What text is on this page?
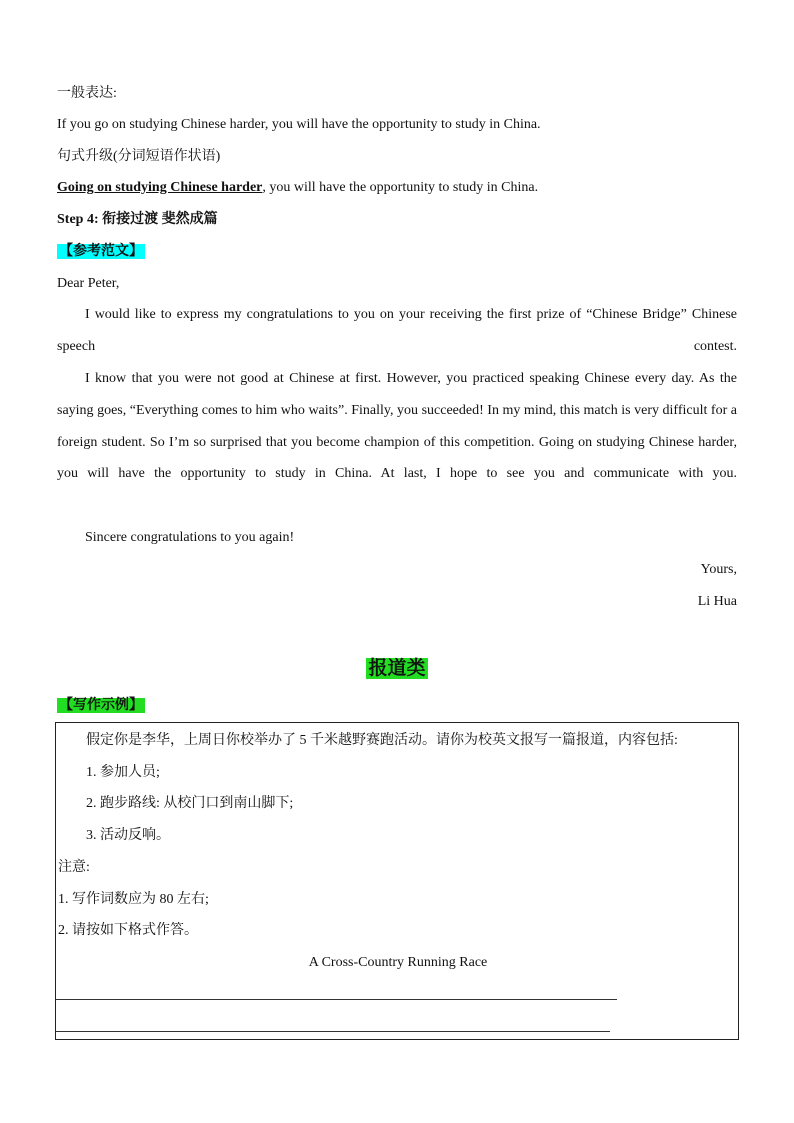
一般表达:
If you go on studying Chinese harder, you will have the opportunity to study in China.
句式升级(分词短语作状语)
Going on studying Chinese harder, you will have the opportunity to study in China.
Step 4: 衔接过渡 斐然成篇
【参考范文】
Dear Peter,
I would like to express my congratulations to you on your receiving the first prize of “Chinese Bridge” Chinese speech contest.
I know that you were not good at Chinese at first. However, you practiced speaking Chinese every day. As the saying goes, “Everything comes to him who waits”. Finally, you succeeded! In my mind, this match is very difficult for a foreign student. So I’m so surprised that you become champion of this competition. Going on studying Chinese harder, you will have the opportunity to study in China. At last, I hope to see you and communicate with you.
Sincere congratulations to you again!
Yours,
Li Hua
报道类
【写作示例】
假定你是李华，上周日你校举办了 5 千米越野赛跑活动。请你为校英文报写一篇报道，内容包括:
1. 参加人员;
2. 跑步路线: 从校门口到南山脚下;
3. 活动反响。
注意:
1. 写作词数应为 80 左右;
2. 请按如下格式作答。
A Cross-Country Running Race
